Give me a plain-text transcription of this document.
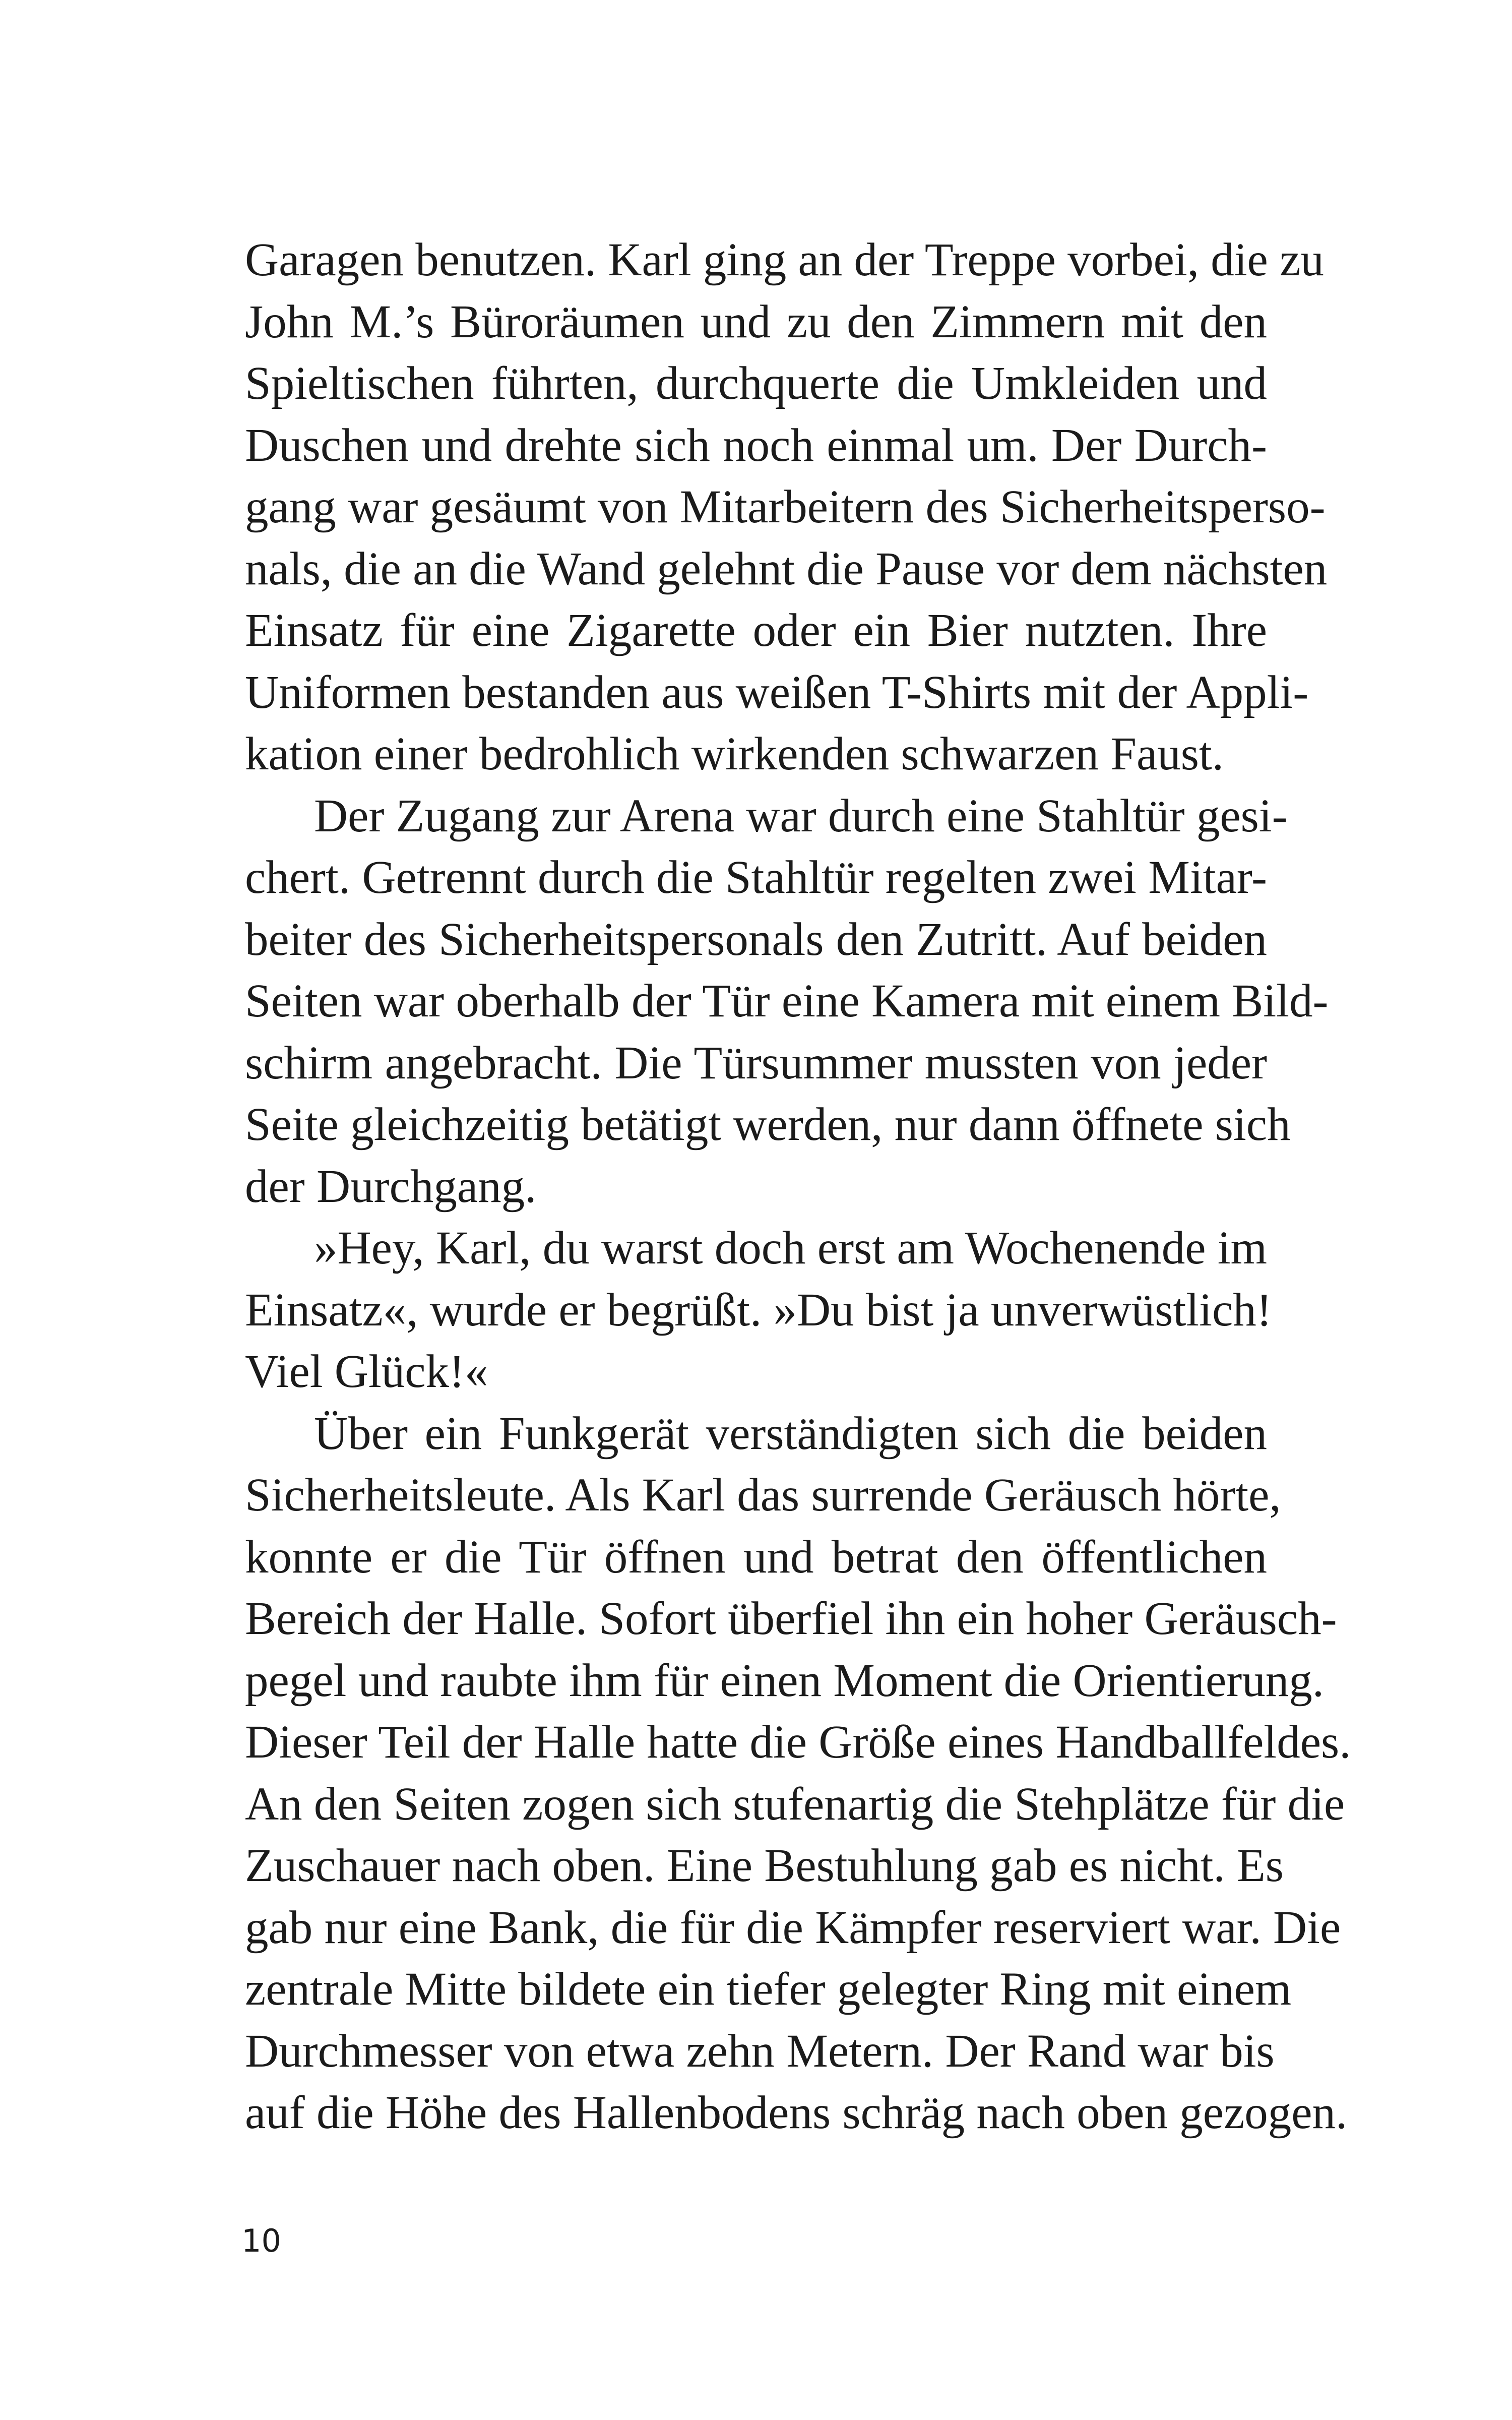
Garagen benutzen. Karl ging an der Treppe vorbei, die zu
John M.’s Büroräumen und zu den Zimmern mit den
Spieltischen führten, durchquerte die Umkleiden und
Duschen und drehte sich noch einmal um. Der Durch-
gang war gesäumt von Mitarbeitern des Sicherheitsperso-
nals, die an die Wand gelehnt die Pause vor dem nächsten
Einsatz für eine Zigarette oder ein Bier nutzten. Ihre
Uniformen bestanden aus weißen T-Shirts mit der Appli-
kation einer bedrohlich wirkenden schwarzen Faust.
Der Zugang zur Arena war durch eine Stahltür gesi-
chert. Getrennt durch die Stahltür regelten zwei Mitar-
beiter des Sicherheitspersonals den Zutritt. Auf beiden
Seiten war oberhalb der Tür eine Kamera mit einem Bild-
schirm angebracht. Die Türsummer mussten von jeder
Seite gleichzeitig betätigt werden, nur dann öffnete sich
der Durchgang.
»Hey, Karl, du warst doch erst am Wochenende im
Einsatz«, wurde er begrüßt. »Du bist ja unverwüstlich!
Viel Glück!«
Über ein Funkgerät verständigten sich die beiden
Sicherheitsleute. Als Karl das surrende Geräusch hörte,
konnte er die Tür öffnen und betrat den öffentlichen
Bereich der Halle. Sofort überfiel ihn ein hoher Geräusch-
pegel und raubte ihm für einen Moment die Orientierung.
Dieser Teil der Halle hatte die Größe eines Handballfeldes.
An den Seiten zogen sich stufenartig die Stehplätze für die
Zuschauer nach oben. Eine Bestuhlung gab es nicht. Es
gab nur eine Bank, die für die Kämpfer reserviert war. Die
zentrale Mitte bildete ein tiefer gelegter Ring mit einem
Durchmesser von etwa zehn Metern. Der Rand war bis
auf die Höhe des Hallenbodens schräg nach oben gezogen.
10
